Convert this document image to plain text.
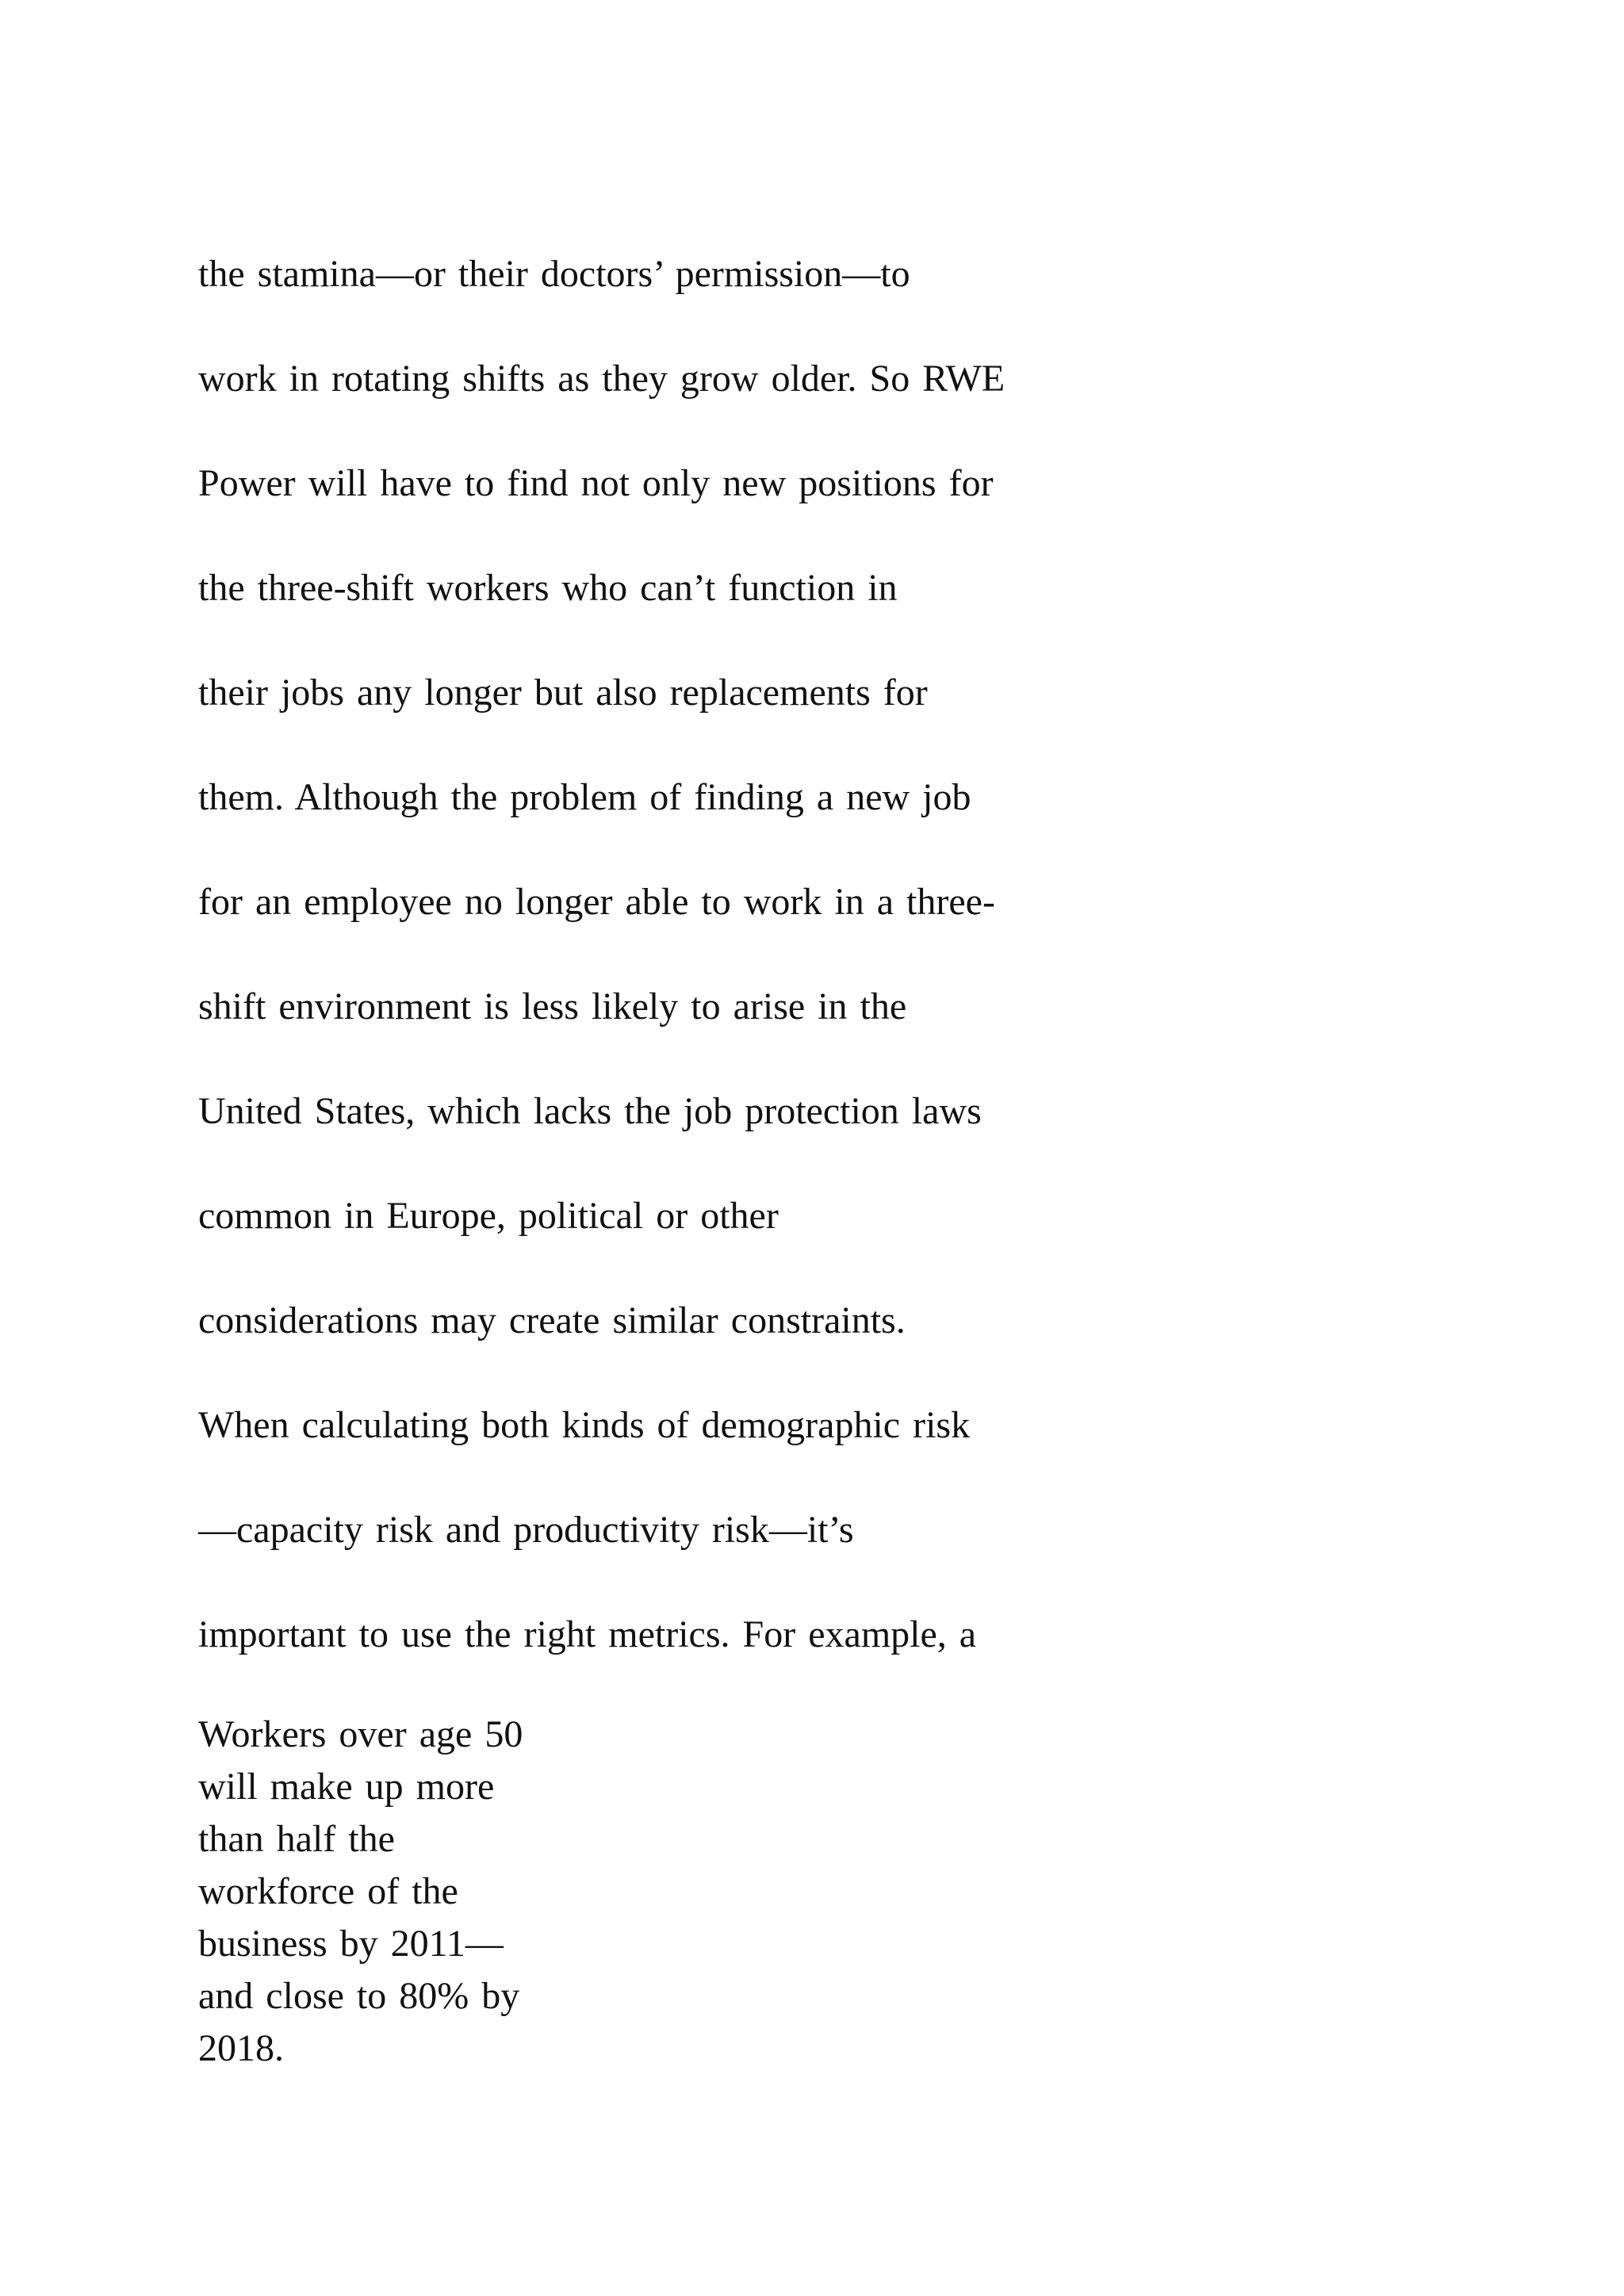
the stamina—or their doctors’ permission—to
work in rotating shifts as they grow older. So RWE
Power will have to find not only new positions for
the three-shift workers who can’t function in
their jobs any longer but also replacements for
them. Although the problem of finding a new job
for an employee no longer able to work in a three-
shift environment is less likely to arise in the
United States, which lacks the job protection laws
common in Europe, political or other
considerations may create similar constraints.
When calculating both kinds of demographic risk
—capacity risk and productivity risk—it’s
important to use the right metrics. For example, a
Workers over age 50
will make up more
than half the
workforce of the
business by 2011—
and close to 80% by
2018.
